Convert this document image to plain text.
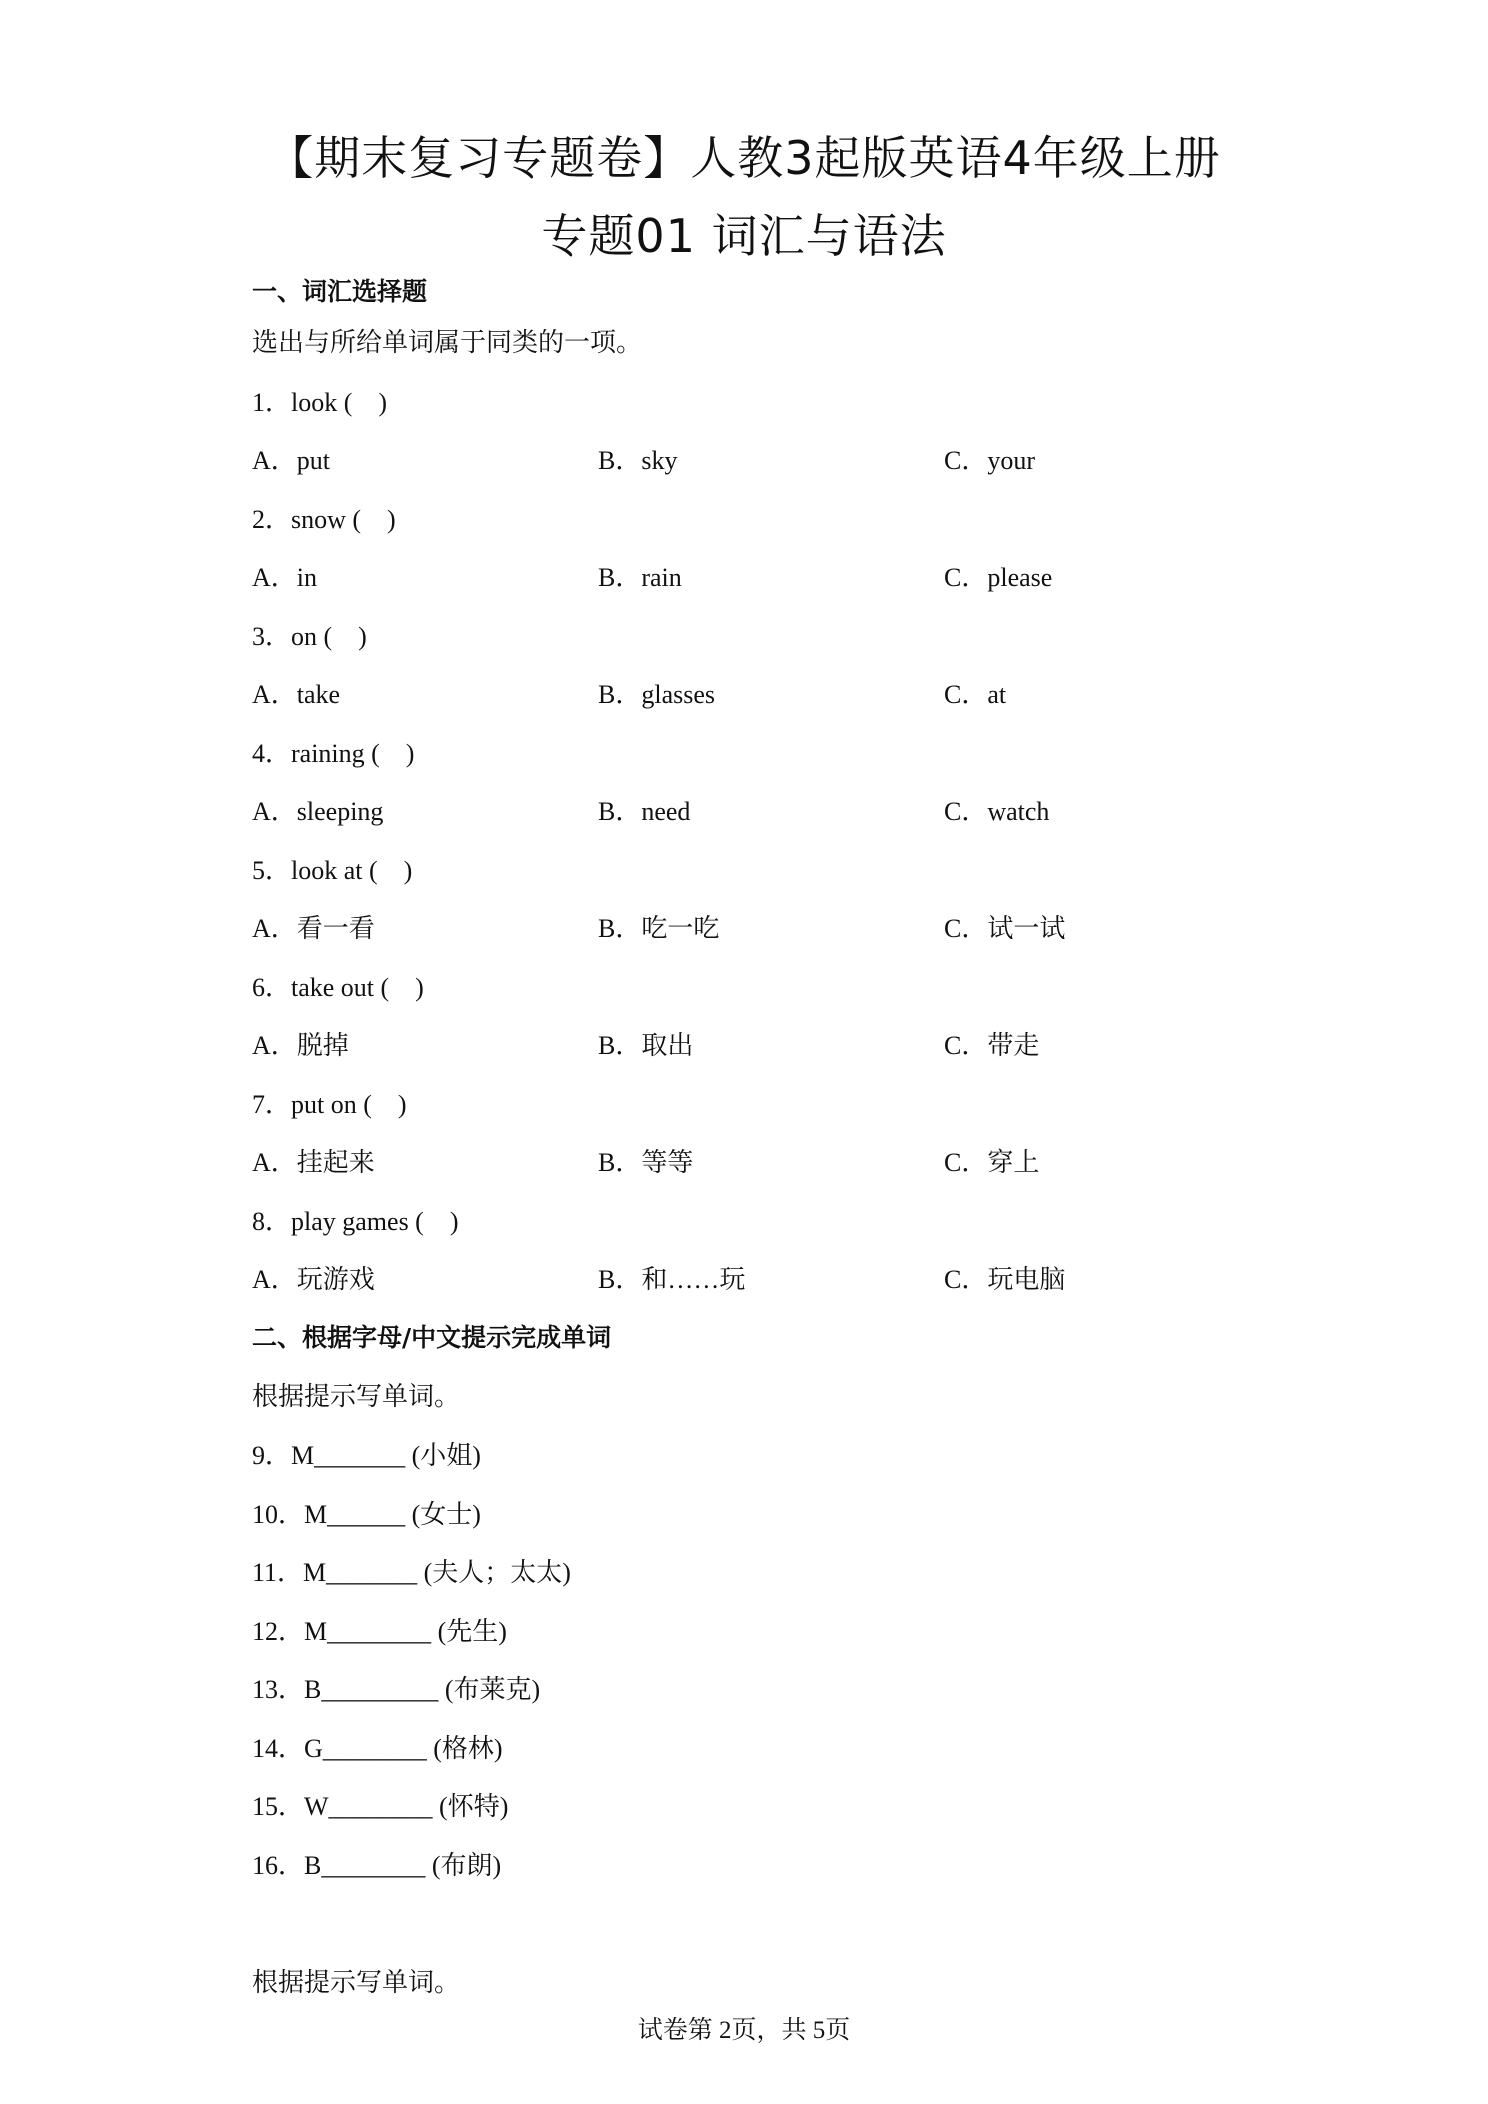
【期末复习专题卷】人教3起版英语4年级上册
专题01 词汇与语法
一、词汇选择题
选出与所给单词属于同类的一项。
1．look (    )
A．put	B．sky	C．your
2．snow (    )
A．in	B．rain	C．please
3．on (    )
A．take	B．glasses	C．at
4．raining (    )
A．sleeping	B．need	C．watch
5．look at (    )
A．看一看	B．吃一吃	C．试一试
6．take out (    )
A．脱掉	B．取出	C．带走
7．put on (    )
A．挂起来	B．等等	C．穿上
8．play games (    )
A．玩游戏	B．和……玩	C．玩电脑
二、根据字母/中文提示完成单词
根据提示写单词。
9．M_______ (小姐)
10．M______ (女士)
11．M_______ (夫人；太太)
12．M________ (先生)
13．B_________ (布莱克)
14．G________ (格林)
15．W________ (怀特)
16．B________ (布朗)
根据提示写单词。
试卷第 2页，共 5页
